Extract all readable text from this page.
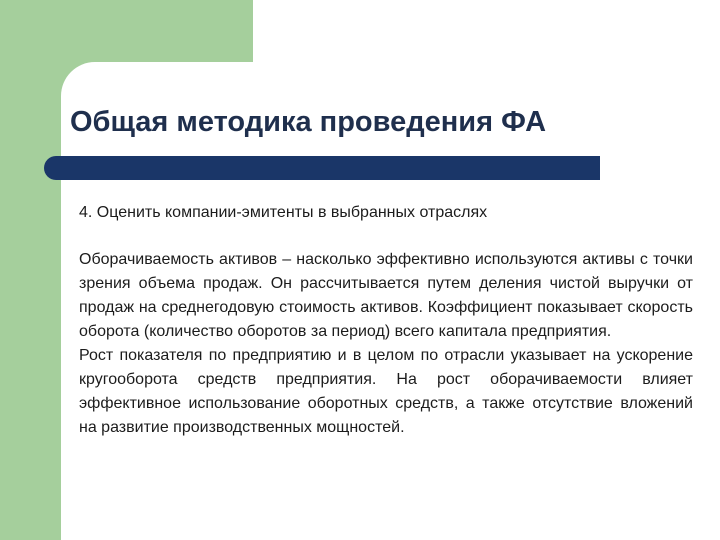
Общая методика проведения ФА

4. Оценить компании-эмитенты в выбранных отраслях

Оборачиваемость активов – насколько эффективно используются активы с точки зрения объема продаж. Он рассчитывается путем деления чистой выручки от продаж на среднегодовую стоимость активов. Коэффициент показывает скорость оборота (количество оборотов за период) всего капитала предприятия.

Рост показателя по предприятию и в целом по отрасли указывает на ускорение кругооборота средств предприятия. На рост оборачиваемости влияет эффективное использование оборотных средств, а также отсутствие вложений на развитие производственных мощностей.
